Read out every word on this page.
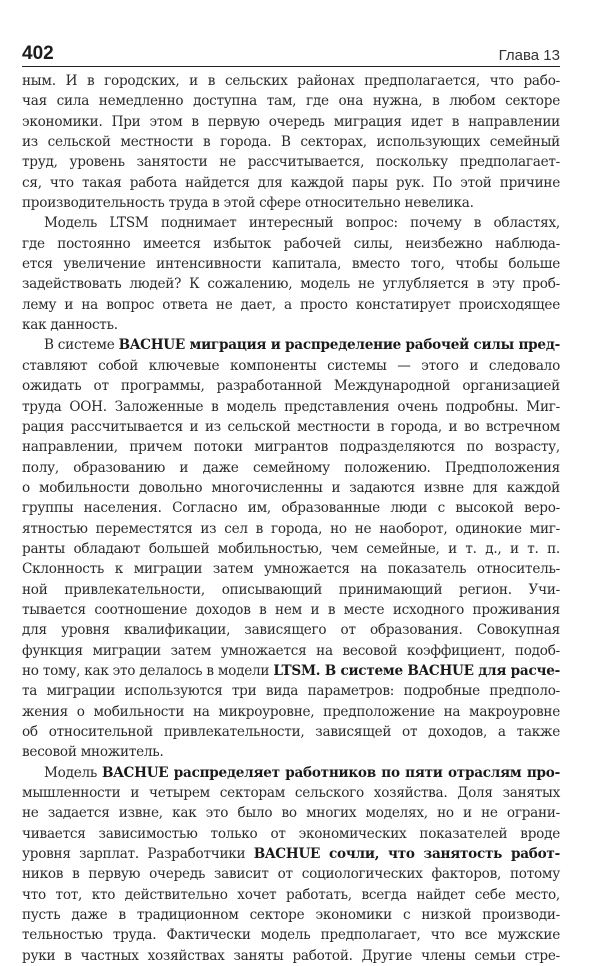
402	Глава 13
ным. И в городских, и в сельских районах предполагается, что рабо-
чая сила немедленно доступна там, где она нужна, в любом секторе
экономики. При этом в первую очередь миграция идет в направлении
из сельской местности в города. В секторах, использующих семейный
труд, уровень занятости не рассчитывается, поскольку предполагает-
ся, что такая работа найдется для каждой пары рук. По этой причине
производительность труда в этой сфере относительно невелика.
Модель LTSM поднимает интересный вопрос: почему в областях,
где постоянно имеется избыток рабочей силы, неизбежно наблюда-
ется увеличение интенсивности капитала, вместо того, чтобы больше
задействовать людей? К сожалению, модель не углубляется в эту проб-
лему и на вопрос ответа не дает, а просто констатирует происходящее
как данность.
В системе BACHUE миграция и распределение рабочей силы пред-
ставляют собой ключевые компоненты системы — этого и следовало
ожидать от программы, разработанной Международной организацией
труда ООН. Заложенные в модель представления очень подробны. Миг-
рация рассчитывается и из сельской местности в города, и во встречном
направлении, причем потоки мигрантов подразделяются по возрасту,
полу, образованию и даже семейному положению. Предположения
о мобильности довольно многочисленны и задаются извне для каждой
группы населения. Согласно им, образованные люди с высокой веро-
ятностью переместятся из сел в города, но не наоборот, одинокие миг-
ранты обладают большей мобильностью, чем семейные, и т. д., и т. п.
Склонность к миграции затем умножается на показатель относитель-
ной привлекательности, описывающий принимающий регион. Учи-
тывается соотношение доходов в нем и в месте исходного проживания
для уровня квалификации, зависящего от образования. Совокупная
функция миграции затем умножается на весовой коэффициент, подоб-
но тому, как это делалось в модели LTSM. В системе BACHUE для расче-
та миграции используются три вида параметров: подробные предполо-
жения о мобильности на микроуровне, предположение на макроуровне
об относительной привлекательности, зависящей от доходов, а также
весовой множитель.
Модель BACHUE распределяет работников по пяти отраслям про-
мышленности и четырем секторам сельского хозяйства. Доля занятых
не задается извне, как это было во многих моделях, но и не ограни-
чивается зависимостью только от экономических показателей вроде
уровня зарплат. Разработчики BACHUE сочли, что занятость работ-
ников в первую очередь зависит от социологических факторов, потому
что тот, кто действительно хочет работать, всегда найдет себе место,
пусть даже в традиционном секторе экономики с низкой производи-
тельностью труда. Фактически модель предполагает, что все мужские
руки в частных хозяйствах заняты работой. Другие члены семьи стре-
